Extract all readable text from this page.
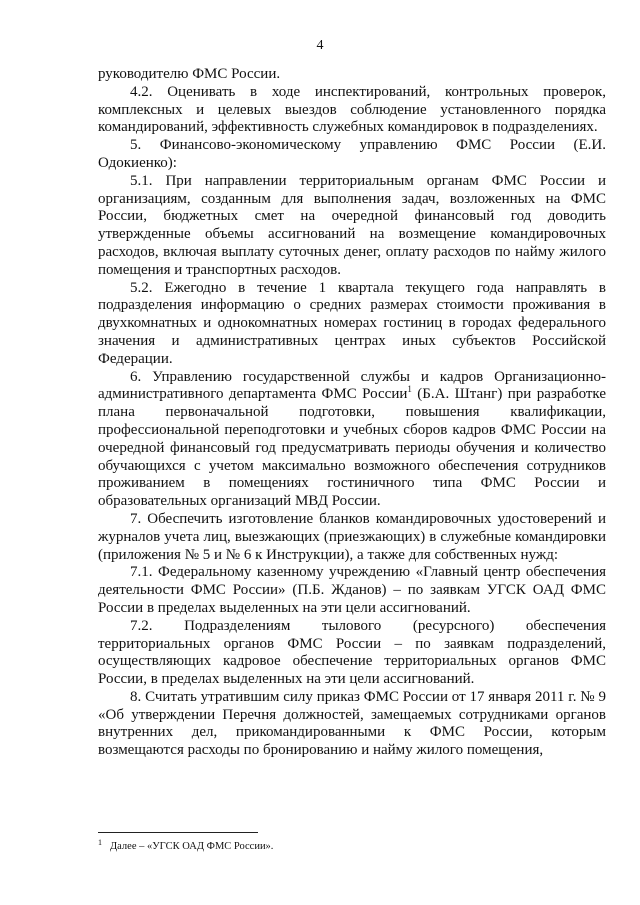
4

руководителю ФМС России.

4.2. Оценивать в ходе инспектирований, контрольных проверок, комплексных и целевых выездов соблюдение установленного порядка командирований, эффективность служебных командировок в подразделениях.

5. Финансово-экономическому управлению ФМС России (Е.И. Одокиенко):

5.1. При направлении территориальным органам ФМС России и организациям, созданным для выполнения задач, возложенных на ФМС России, бюджетных смет на очередной финансовый год доводить утвержденные объемы ассигнований на возмещение командировочных расходов, включая выплату суточных денег, оплату расходов по найму жилого помещения и транспортных расходов.

5.2. Ежегодно в течение 1 квартала текущего года направлять в подразделения информацию о средних размерах стоимости проживания в двухкомнатных и однокомнатных номерах гостиниц в городах федерального значения и административных центрах иных субъектов Российской Федерации.

6. Управлению государственной службы и кадров Организационно-административного департамента ФМС России$^1$ (Б.А. Штанг) при разработке плана первоначальной подготовки, повышения квалификации, профессиональной переподготовки и учебных сборов кадров ФМС России на очередной финансовый год предусматривать периоды обучения и количество обучающихся с учетом максимально возможного обеспечения сотрудников проживанием в помещениях гостиничного типа ФМС России и образовательных организаций МВД России.

7. Обеспечить изготовление бланков командировочных удостоверений и журналов учета лиц, выезжающих (приезжающих) в служебные командировки (приложения № 5 и № 6 к Инструкции), а также для собственных нужд:

7.1. Федеральному казенному учреждению «Главный центр обеспечения деятельности ФМС России» (П.Б. Жданов) – по заявкам УГСК ОАД ФМС России в пределах выделенных на эти цели ассигнований.

7.2. Подразделениям тылового (ресурсного) обеспечения территориальных органов ФМС России – по заявкам подразделений, осуществляющих кадровое обеспечение территориальных органов ФМС России, в пределах выделенных на эти цели ассигнований.

8. Считать утратившим силу приказ ФМС России от 17 января 2011 г. № 9 «Об утверждении Перечня должностей, замещаемых сотрудниками органов внутренних дел, прикомандированными к ФМС России, которым возмещаются расходы по бронированию и найму жилого помещения,

$^1$ Далее – «УГСК ОАД ФМС России».
